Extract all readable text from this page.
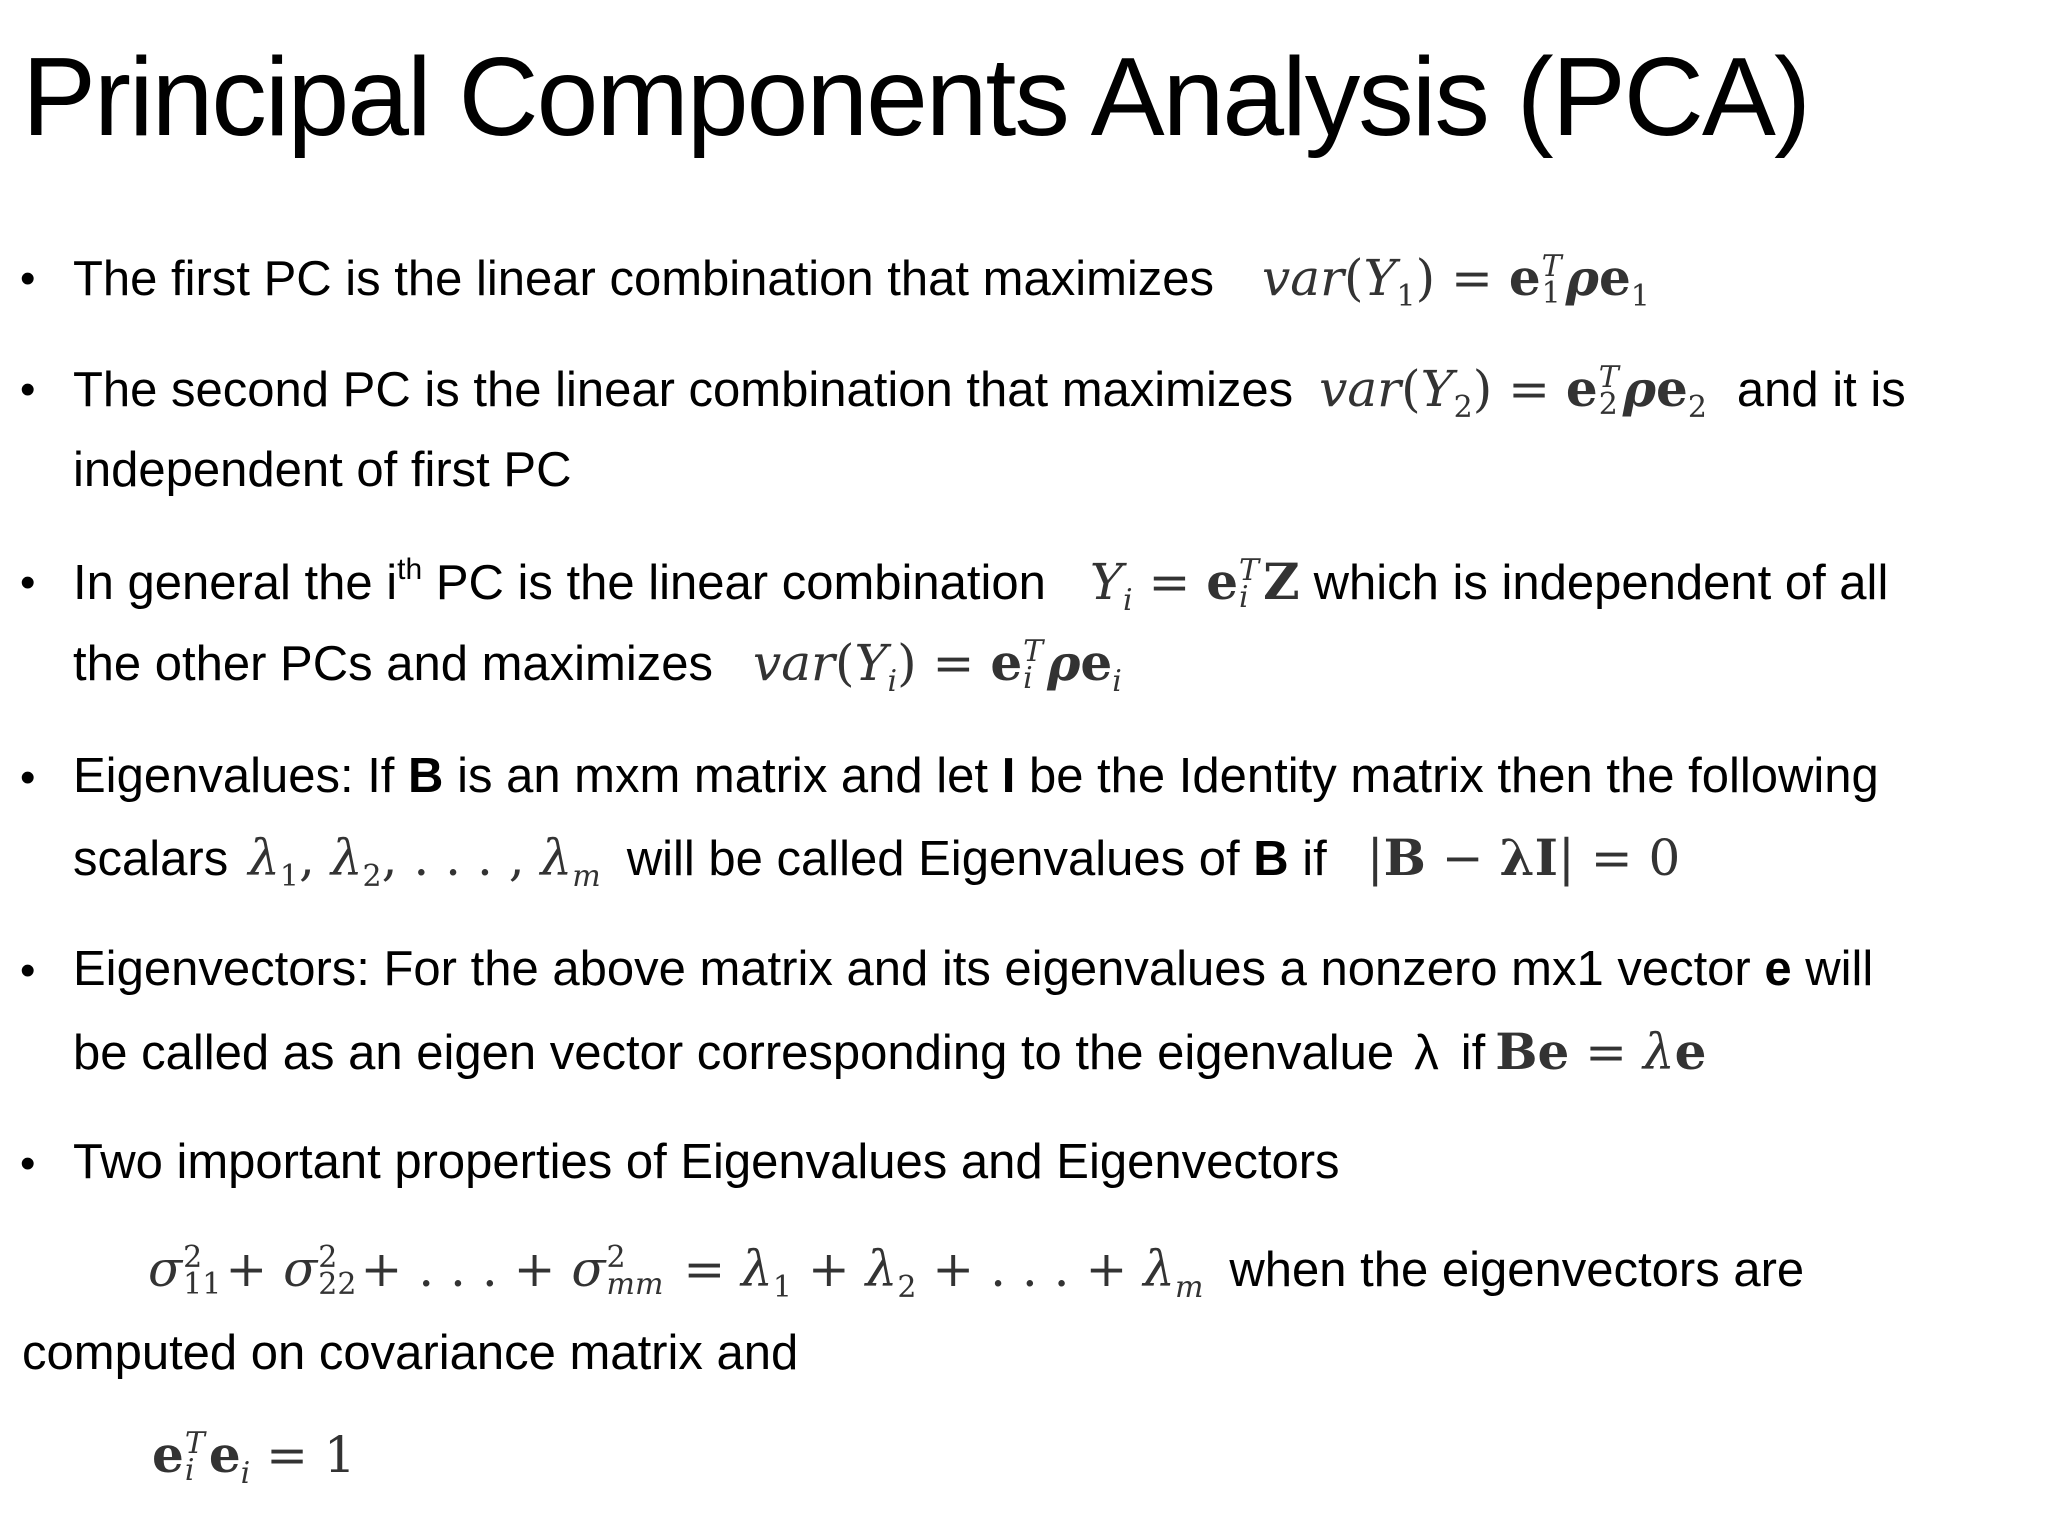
Principal Components Analysis (PCA)
• The first PC is the linear combination that maximizes $var(Y_1) = e$ T
1 $\rho e_1$
• The second PC is the linear combination that maximizes $var(Y_2) = e$ T
2 $\rho e_2$ and it is
independent of first PC
• In general the $i^{th}$ PC is the linear combination $Y_i = e$ T
i Z which is independent of all
the other PCs and maximizes $var(Y_i) = e$ T
i $\rho e_i$
• Eigenvalues: If B is an mxm matrix and let I be the Identity matrix then the following
scalars $\lambda_1$, $\lambda_2$, . . . , $\lambda_m$ will be called Eigenvalues of B if |B − λI| = 0
• Eigenvectors: For the above matrix and its eigenvalues a nonzero mx1 vector e will
be called as an eigen vector corresponding to the eigenvalue λ if Be = λe
• Two important properties of Eigenvalues and Eigenvectors
σ 2
11 + σ 2
22 + . . . + σ 2
mm = $\lambda_1 + \lambda_2$ + . . . + $\lambda_m$ when the eigenvectors are
computed on covariance matrix and
e T
i $e_i = 1$
